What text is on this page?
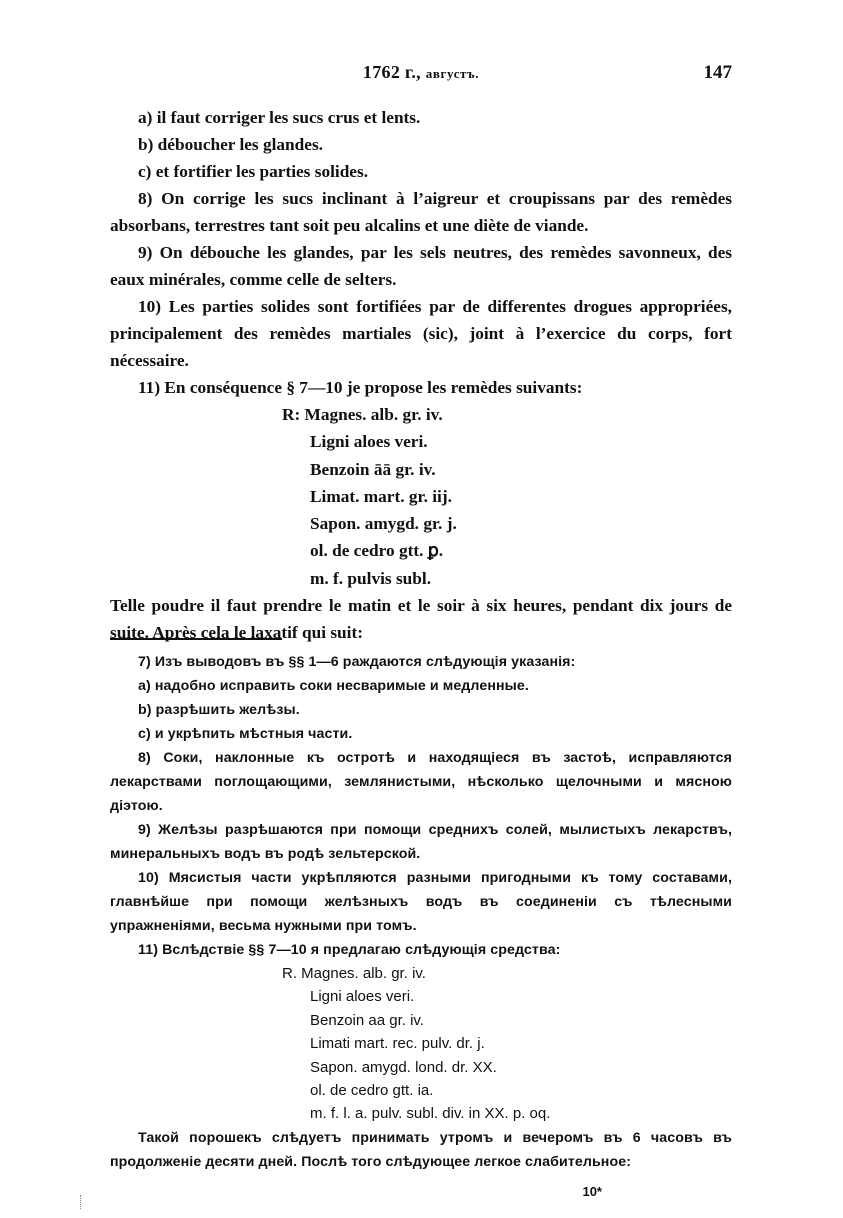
1762 г., августъ.	147

a) il faut corriger les sucs crus et lents.

b) déboucher les glandes.

c) et fortifier les parties solides.

8) On corrige les sucs inclinant à l’aigreur et croupissans par des remèdes absorbans, terrestres tant soit peu alcalins et une diète de viande.

9) On débouche les glandes, par les sels neutres, des remèdes savonneux, des eaux minérales, comme celle de selters.

10) Les parties solides sont fortifiées par de differentes drogues appropriées, principalement des remèdes martiales (sic), joint à l’exercice du corps, fort nécessaire.

11) En conséquence § 7—10 je propose les remèdes suivants:

R: Magnes. alb. gr. iv.
Ligni aloes veri.
Benzoin āā gr. iv.
Limat. mart. gr. iij.
Sapon. amygd. gr. j.
ol. de cedro gtt. ꝑ.
m. f. pulvis subl.

Telle poudre il faut prendre le matin et le soir à six heures, pendant dix jours de suite. Après cela le laxatif qui suit:

7) Изъ выводовъ въ §§ 1—6 раждаются слѣдующія указанія:

а) надобно исправить соки несваримые и медленные.

b) разрѣшить желѣзы.

с) и укрѣпить мѣстныя части.

8) Соки, наклонные къ остротѣ и находящіеся въ застоѣ, исправляются лекарствами поглощающими, землянистыми, нѣсколько щелочными и мясною діэтою.

9) Желѣзы разрѣшаются при помощи среднихъ солей, мылистыхъ лекарствъ, минеральныхъ водъ въ родѣ зельтерской.

10) Мясистыя части укрѣпляются разными пригодными къ тому составами, главнѣйше при помощи желѣзныхъ водъ въ соединеніи съ тѣлесными упражненіями, весьма нужными при томъ.

11) Вслѣдствіе §§ 7—10 я предлагаю слѣдующія средства:

R. Magnes. alb. gr. iv.
Ligni aloes veri.
Benzoin aa gr. iv.
Limati mart. rec. pulv. dr. j.
Sapon. amygd. lond. dr. XX.
ol. de cedro gtt. ia.
m. f. l. a. pulv. subl. div. in XX. p. oq.

Такой порошекъ слѣдуетъ принимать утромъ и вечеромъ въ 6 часовъ въ продолженіе десяти дней. Послѣ того слѣдующее легкое слабительное:

10*
